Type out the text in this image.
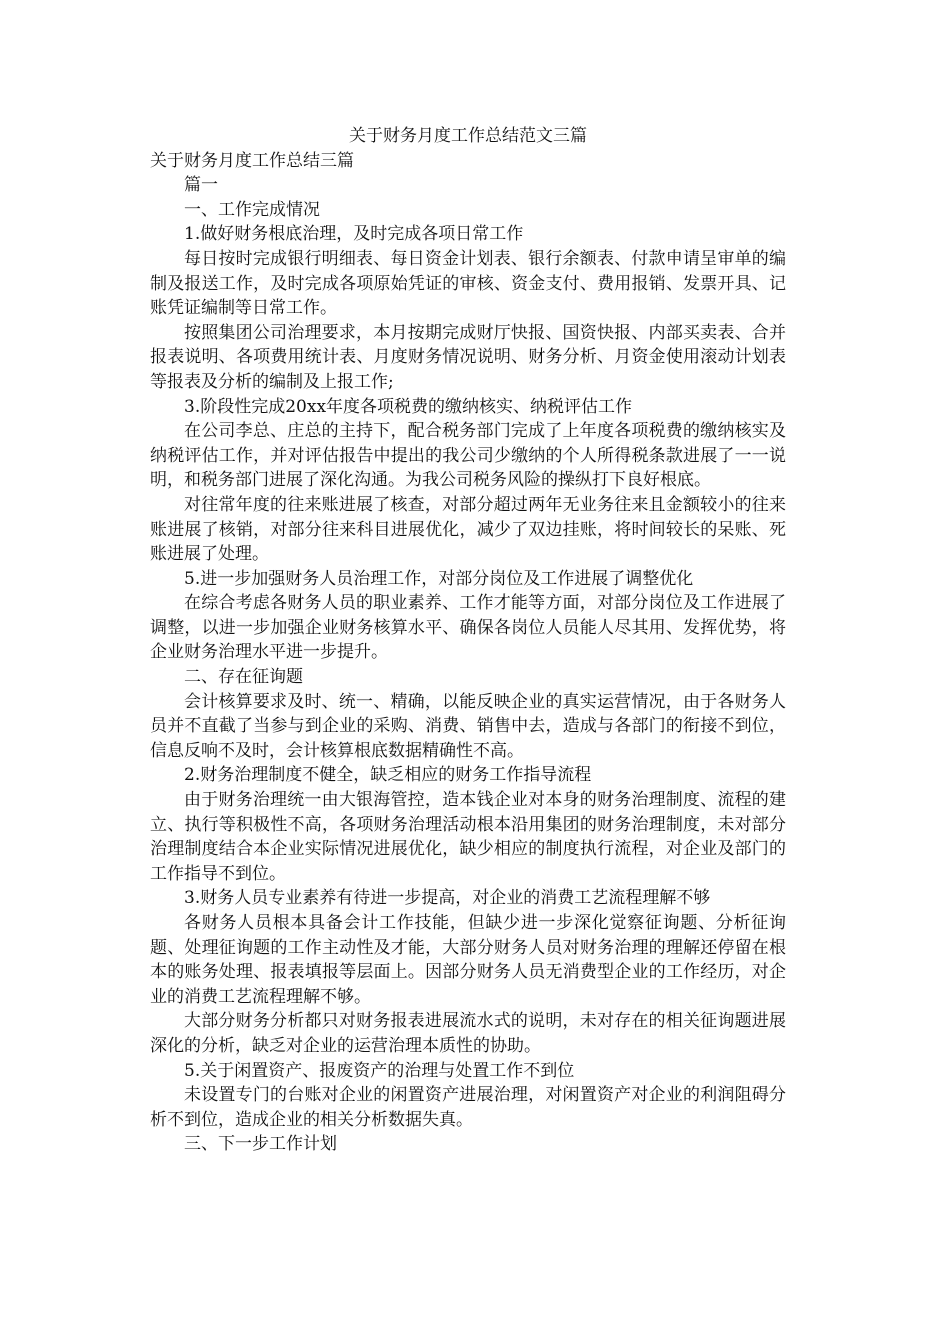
关于财务月度工作总结范文三篇

关于财务月度工作总结三篇

篇一

一、工作完成情况

1.做好财务根底治理，及时完成各项日常工作

每日按时完成银行明细表、每日资金计划表、银行余额表、付款申请呈审单的编制及报送工作，及时完成各项原始凭证的审核、资金支付、费用报销、发票开具、记账凭证编制等日常工作。

按照集团公司治理要求，本月按期完成财厅快报、国资快报、内部买卖表、合并报表说明、各项费用统计表、月度财务情况说明、财务分析、月资金使用滚动计划表等报表及分析的编制及上报工作;

3.阶段性完成20xx年度各项税费的缴纳核实、纳税评估工作

在公司李总、庄总的主持下，配合税务部门完成了上年度各项税费的缴纳核实及纳税评估工作，并对评估报告中提出的我公司少缴纳的个人所得税条款进展了一一说明，和税务部门进展了深化沟通。为我公司税务风险的操纵打下良好根底。

对往常年度的往来账进展了核查，对部分超过两年无业务往来且金额较小的往来账进展了核销，对部分往来科目进展优化，减少了双边挂账，将时间较长的呆账、死账进展了处理。

5.进一步加强财务人员治理工作，对部分岗位及工作进展了调整优化

在综合考虑各财务人员的职业素养、工作才能等方面，对部分岗位及工作进展了调整，以进一步加强企业财务核算水平、确保各岗位人员能人尽其用、发挥优势，将企业财务治理水平进一步提升。

二、存在征询题

会计核算要求及时、统一、精确，以能反映企业的真实运营情况，由于各财务人员并不直截了当参与到企业的采购、消费、销售中去，造成与各部门的衔接不到位，信息反响不及时，会计核算根底数据精确性不高。

2.财务治理制度不健全，缺乏相应的财务工作指导流程

由于财务治理统一由大银海管控，造本钱企业对本身的财务治理制度、流程的建立、执行等积极性不高，各项财务治理活动根本沿用集团的财务治理制度，未对部分治理制度结合本企业实际情况进展优化，缺少相应的制度执行流程，对企业及部门的工作指导不到位。

3.财务人员专业素养有待进一步提高，对企业的消费工艺流程理解不够

各财务人员根本具备会计工作技能，但缺少进一步深化觉察征询题、分析征询题、处理征询题的工作主动性及才能，大部分财务人员对财务治理的理解还停留在根本的账务处理、报表填报等层面上。因部分财务人员无消费型企业的工作经历，对企业的消费工艺流程理解不够。

大部分财务分析都只对财务报表进展流水式的说明，未对存在的相关征询题进展深化的分析，缺乏对企业的运营治理本质性的协助。

5.关于闲置资产、报废资产的治理与处置工作不到位

未设置专门的台账对企业的闲置资产进展治理，对闲置资产对企业的利润阻碍分析不到位，造成企业的相关分析数据失真。

三、下一步工作计划
